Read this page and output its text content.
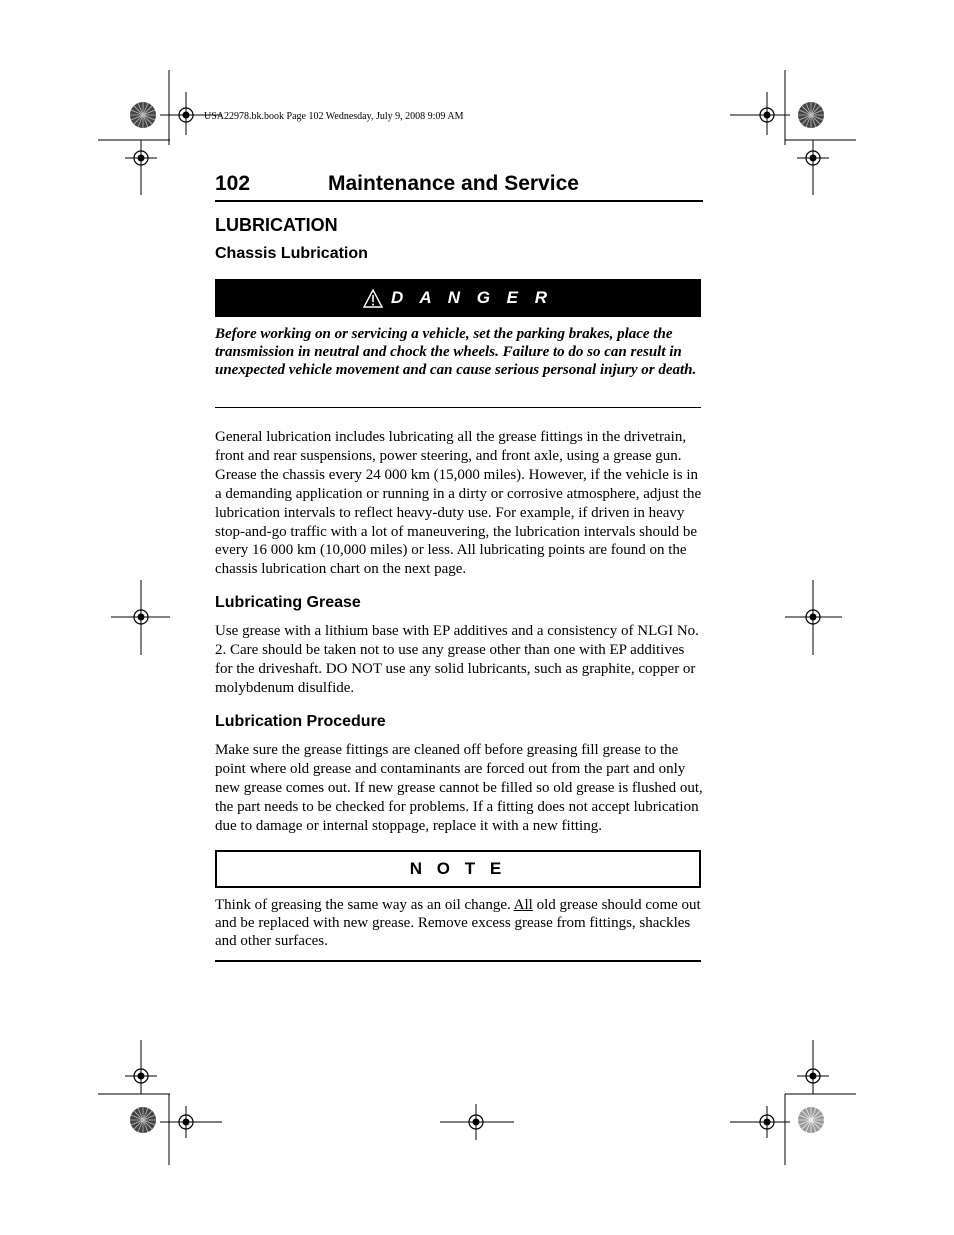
USA22978.bk.book Page 102 Wednesday, July 9, 2008 9:09 AM
102	Maintenance and Service
LUBRICATION
Chassis Lubrication
D A N G E R
Before working on or servicing a vehicle, set the parking brakes, place the transmission in neutral and chock the wheels. Failure to do so can result in unexpected vehicle movement and can cause serious personal injury or death.
General lubrication includes lubricating all the grease fittings in the drivetrain, front and rear suspensions, power steering, and front axle, using a grease gun. Grease the chassis every 24 000 km (15,000 miles). However, if the vehicle is in a demanding application or running in a dirty or corrosive atmosphere, adjust the lubrication intervals to reflect heavy-duty use. For example, if driven in heavy stop-and-go traffic with a lot of maneuvering, the lubrication intervals should be every 16 000 km (10,000 miles) or less. All lubricating points are found on the chassis lubrication chart on the next page.
Lubricating Grease
Use grease with a lithium base with EP additives and a consistency of NLGI No. 2. Care should be taken not to use any grease other than one with EP additives for the driveshaft. DO NOT use any solid lubricants, such as graphite, copper or molybdenum disulfide.
Lubrication Procedure
Make sure the grease fittings are cleaned off before greasing fill grease to the point where old grease and contaminants are forced out from the part and only new grease comes out. If new grease cannot be filled so old grease is flushed out, the part needs to be checked for problems. If a fitting does not accept lubrication due to damage or internal stoppage, replace it with a new fitting.
N O T E
Think of greasing the same way as an oil change. All old grease should come out and be replaced with new grease. Remove excess grease from fittings, shackles and other surfaces.
